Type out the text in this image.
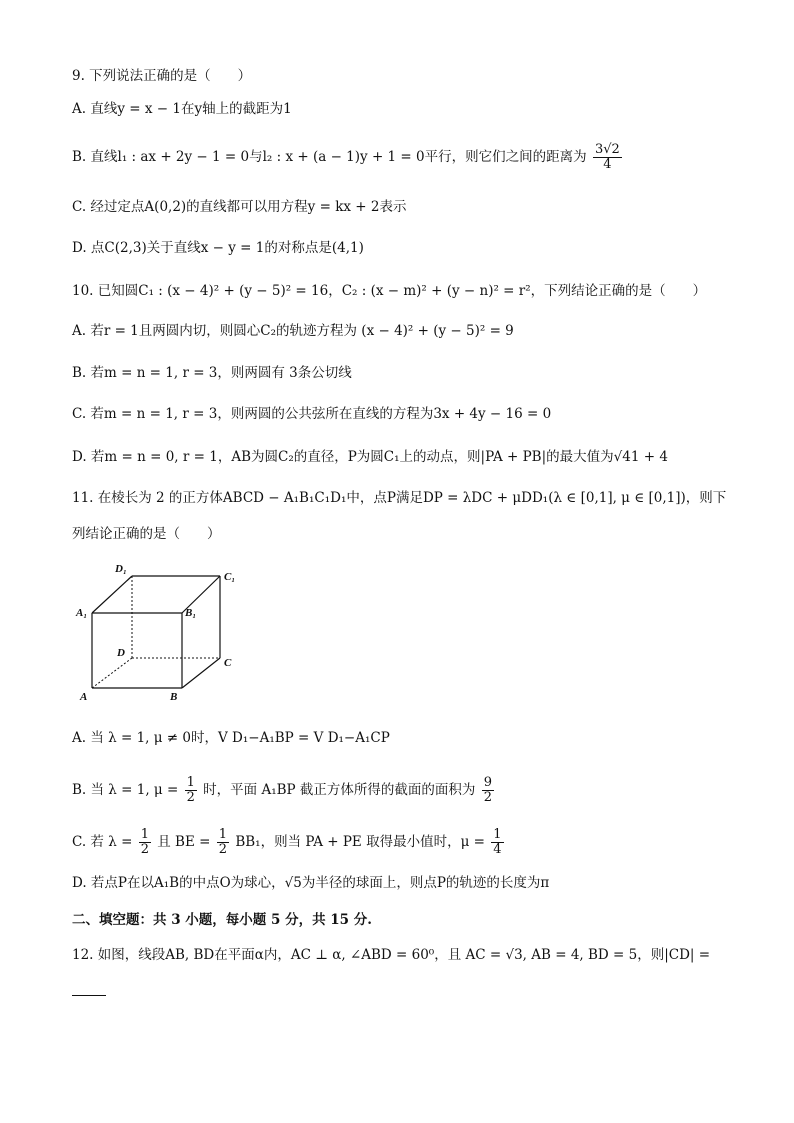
9. 下列说法正确的是（　　）
A. 直线y = x − 1在y轴上的截距为1
B. 直线l₁ : ax + 2y − 1 = 0与l₂ : x + (a − 1)y + 1 = 0平行，则它们之间的距离为 $\frac{3√2}{4}$
C. 经过定点A(0,2)的直线都可以用方程y = kx + 2表示
D. 点C(2,3)关于直线x − y = 1的对称点是(4,1)
10. 已知圆C₁ : (x − 4)² + (y − 5)² = 16，C₂ : (x − m)² + (y − n)² = r²，下列结论正确的是（　　）
A. 若r = 1且两圆内切，则圆心C₂的轨迹方程为 (x − 4)² + (y − 5)² = 9
B. 若m = n = 1, r = 3，则两圆有 3条公切线
C. 若m = n = 1, r = 3，则两圆的公共弦所在直线的方程为3x + 4y − 16 = 0
D. 若m = n = 0, r = 1，AB为圆C₂的直径，P为圆C₁上的动点，则|PA + PB|的最大值为√41 + 4
11. 在棱长为 2 的正方体ABCD − A₁B₁C₁D₁中，点P满足DP = λDC + μDD₁(λ ∈ [0,1], μ ∈ [0,1])，则下
列结论正确的是（　　）
D₁
C₁
A₁	B₁
D
C
A	B
A. 当 λ = 1, μ ≠ 0时，V D₁−A₁BP = V D₁−A₁CP
B. 当 λ = 1, $\mu = \frac{1}{2}$ 时，平面 A₁BP 截正方体所得的截面的面积为 $\frac{9}{2}$
C. 若 $\lambda = \frac{1}{2}$ 且 BE = $\frac{1}{2} BB_1$，则当 PA + PE 取得最小值时，$\mu = \frac{1}{4}$
D. 若点P在以A₁B的中点O为球心，√5为半径的球面上，则点P的轨迹的长度为π
二、填空题：共 3 小题，每小题 5 分，共 15 分.
12. 如图，线段AB, BD在平面α内，AC ⊥ α, ∠ABD = 60⁰，且 AC = √3, AB = 4, BD = 5，则|CD| =
